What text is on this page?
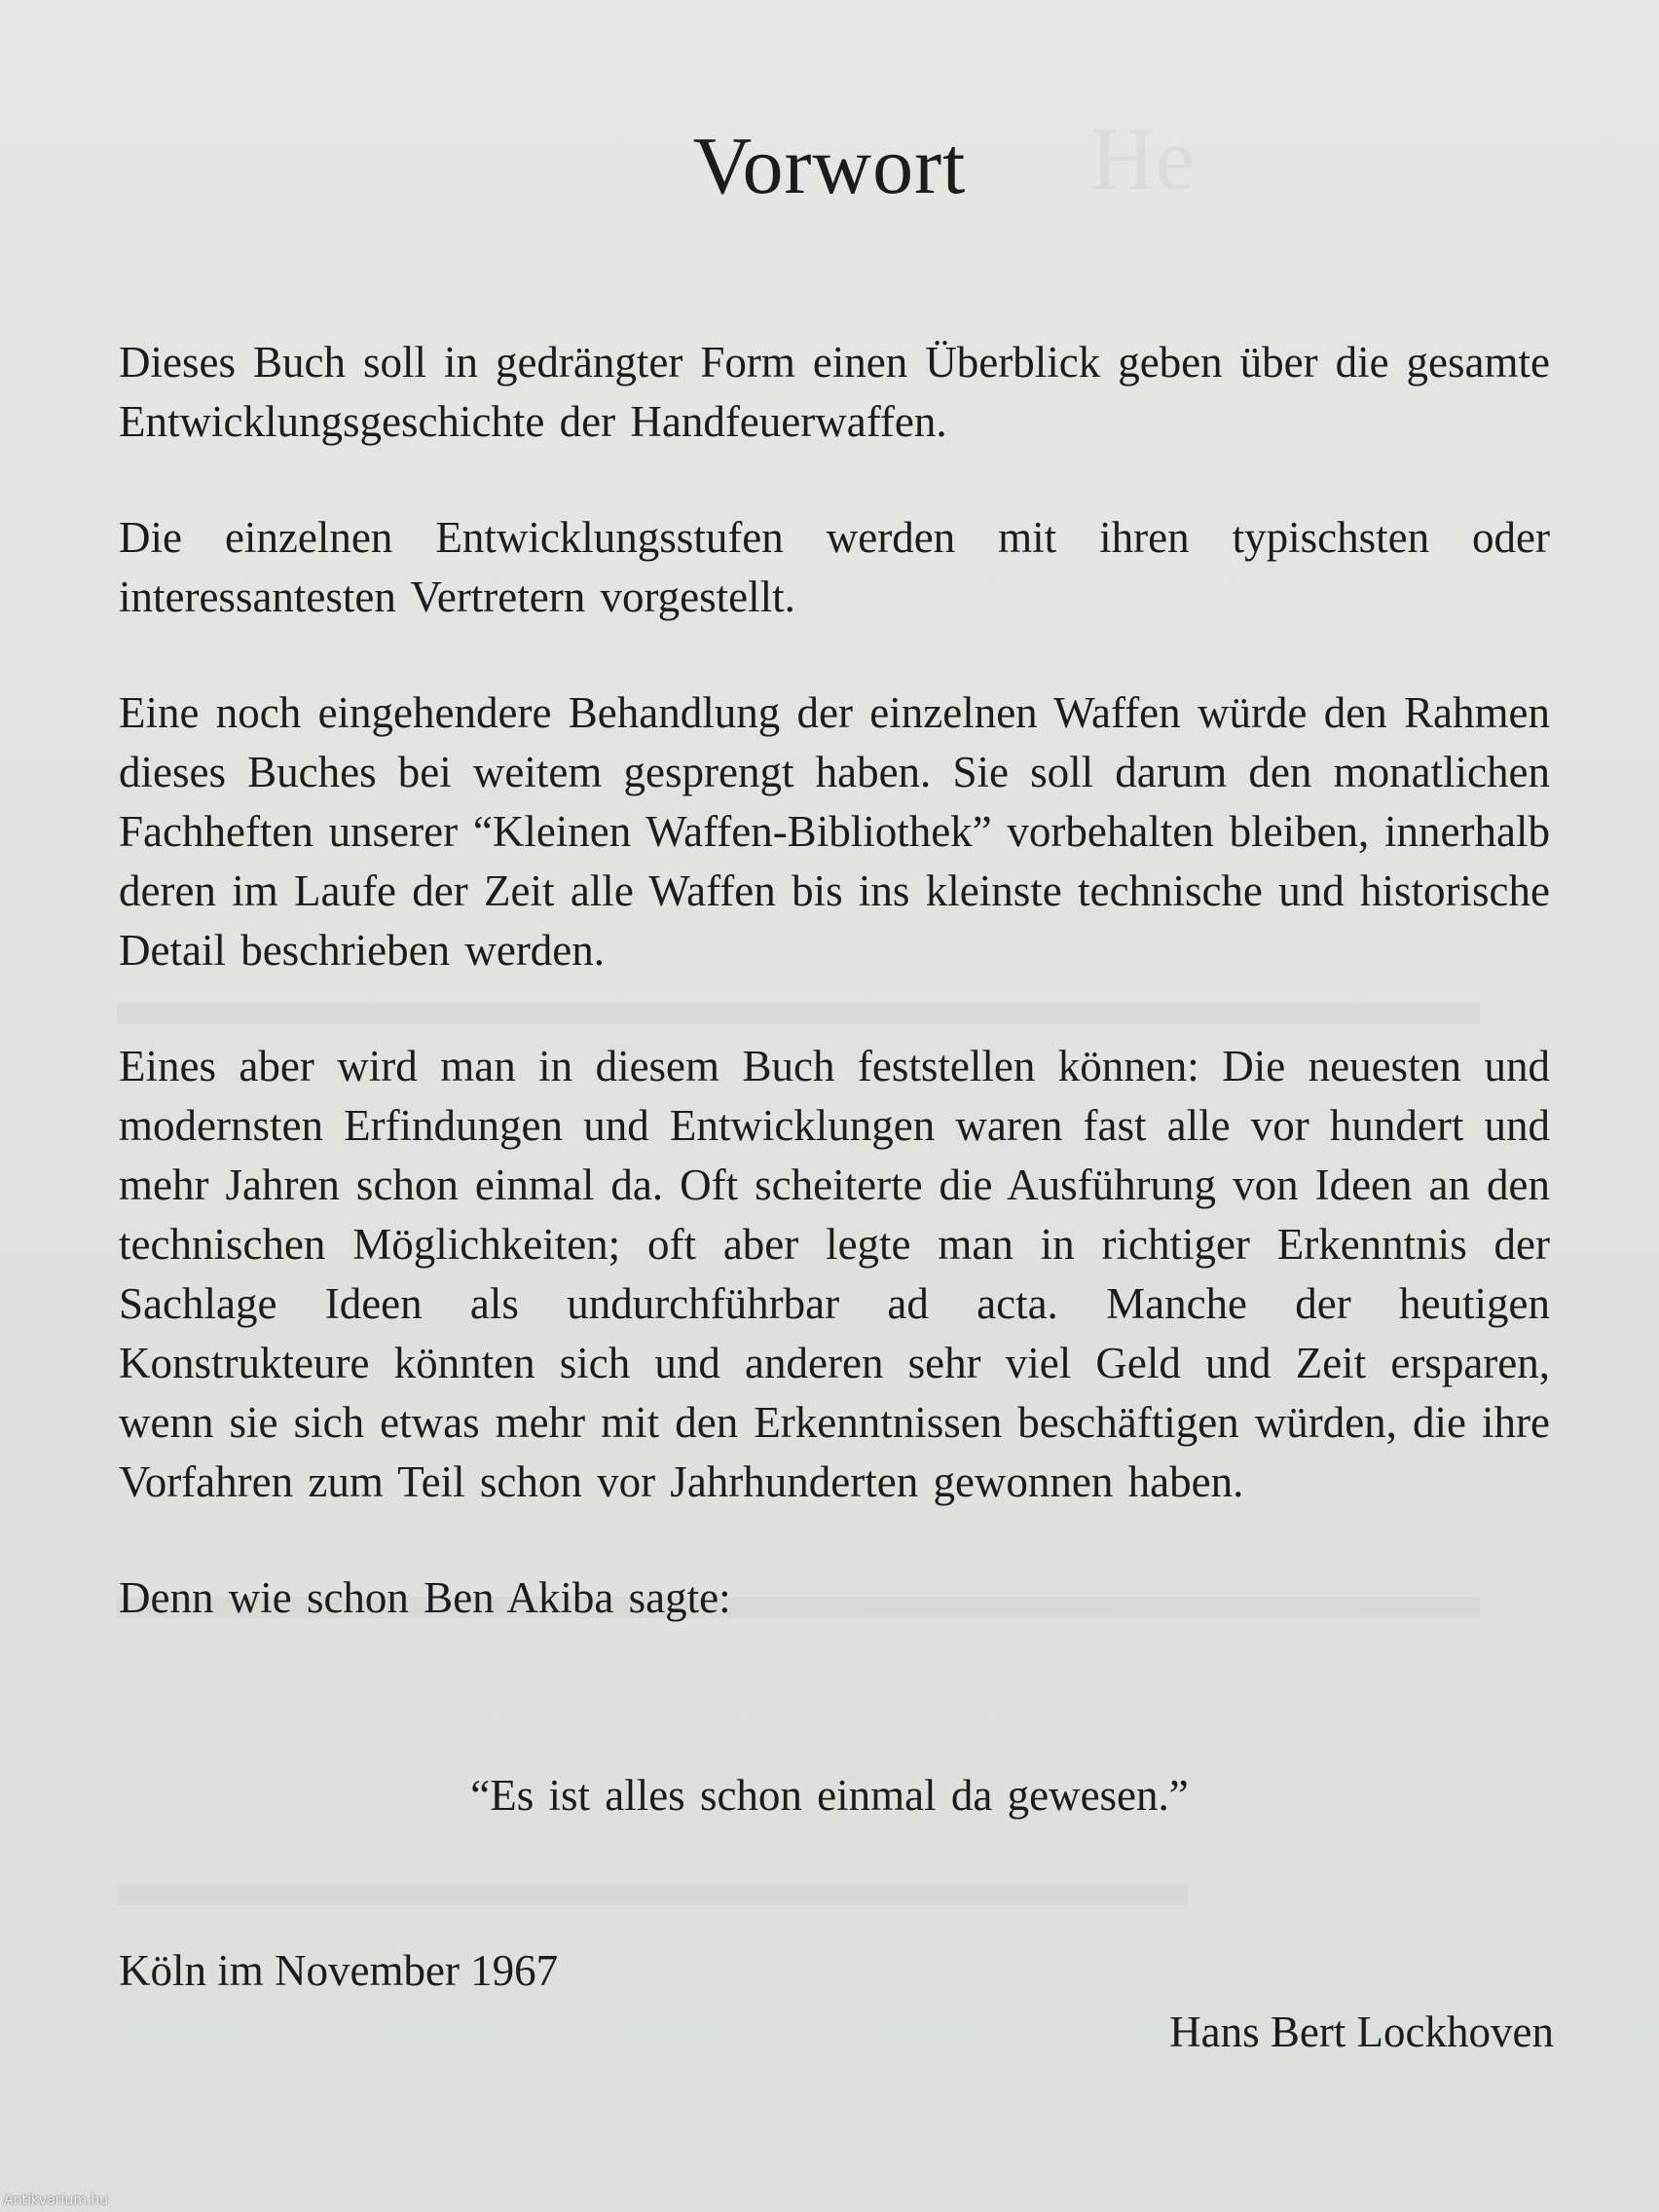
Vorwort

Dieses Buch soll in gedrängter Form einen Überblick geben über die gesamte Entwicklungsgeschichte der Handfeuerwaffen.

Die einzelnen Entwicklungsstufen werden mit ihren typischsten oder interessantesten Vertretern vorgestellt.

Eine noch eingehendere Behandlung der einzelnen Waffen würde den Rahmen dieses Buches bei weitem gesprengt haben. Sie soll darum den monatlichen Fachheften unserer “Kleinen Waffen-Bibliothek” vorbehalten bleiben, innerhalb deren im Laufe der Zeit alle Waffen bis ins kleinste technische und historische Detail beschrieben werden.

Eines aber wird man in diesem Buch feststellen können: Die neuesten und modernsten Erfindungen und Entwicklungen waren fast alle vor hundert und mehr Jahren schon einmal da. Oft scheiterte die Ausführung von Ideen an den technischen Möglichkeiten; oft aber legte man in richtiger Erkenntnis der Sachlage Ideen als undurchführbar ad acta. Manche der heutigen Konstrukteure könnten sich und anderen sehr viel Geld und Zeit ersparen, wenn sie sich etwas mehr mit den Erkenntnissen beschäftigen würden, die ihre Vorfahren zum Teil schon vor Jahrhunderten gewonnen haben.

Denn wie schon Ben Akiba sagte:

“Es ist alles schon einmal da gewesen.”

Köln im November 1967

Hans Bert Lockhoven

Antikvarium.hu
